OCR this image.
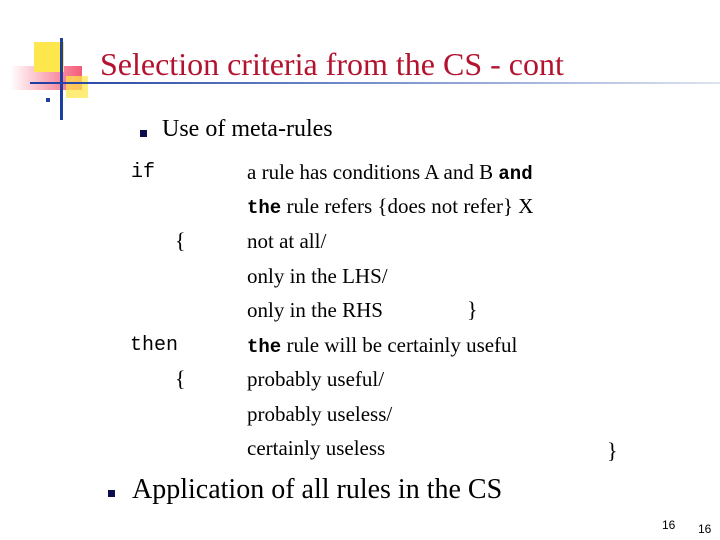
Selection criteria from the CS - cont
Use of meta-rules
if
then
{
}
{
}
a rule has conditions A and B and
the rule refers {does not refer} X
not at all/
only in the LHS/
only in the RHS
the rule will be certainly useful
probably useful/
probably useless/
certainly useless
Application of all rules in the CS
16 16
